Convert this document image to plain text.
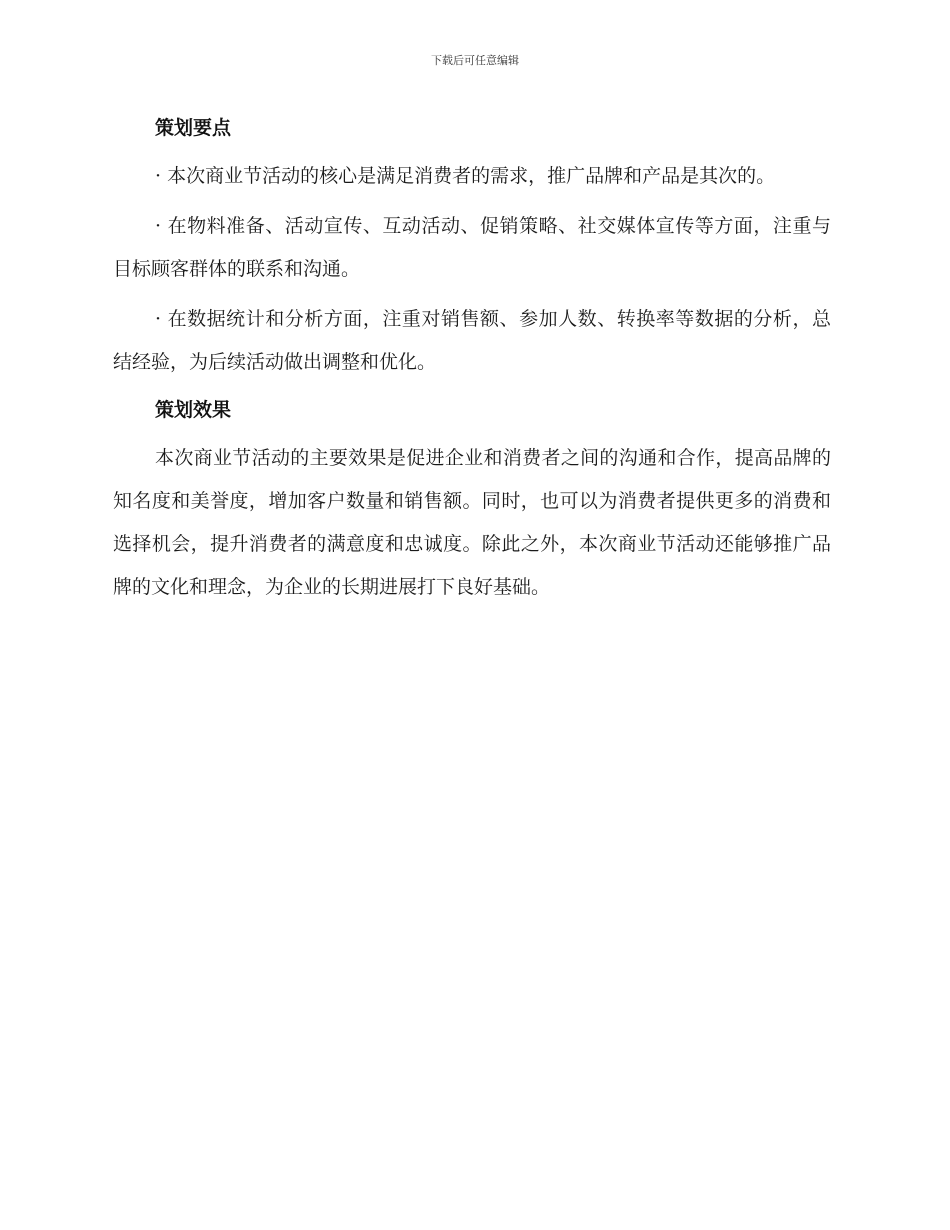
下载后可任意编辑
策划要点

· 本次商业节活动的核心是满足消费者的需求，推广品牌和产品是其次的。

· 在物料准备、活动宣传、互动活动、促销策略、社交媒体宣传等方面，注重与目标顾客群体的联系和沟通。

· 在数据统计和分析方面，注重对销售额、参加人数、转换率等数据的分析，总结经验，为后续活动做出调整和优化。

策划效果

本次商业节活动的主要效果是促进企业和消费者之间的沟通和合作，提高品牌的知名度和美誉度，增加客户数量和销售额。同时，也可以为消费者提供更多的消费和选择机会，提升消费者的满意度和忠诚度。除此之外，本次商业节活动还能够推广品牌的文化和理念，为企业的长期进展打下良好基础。
